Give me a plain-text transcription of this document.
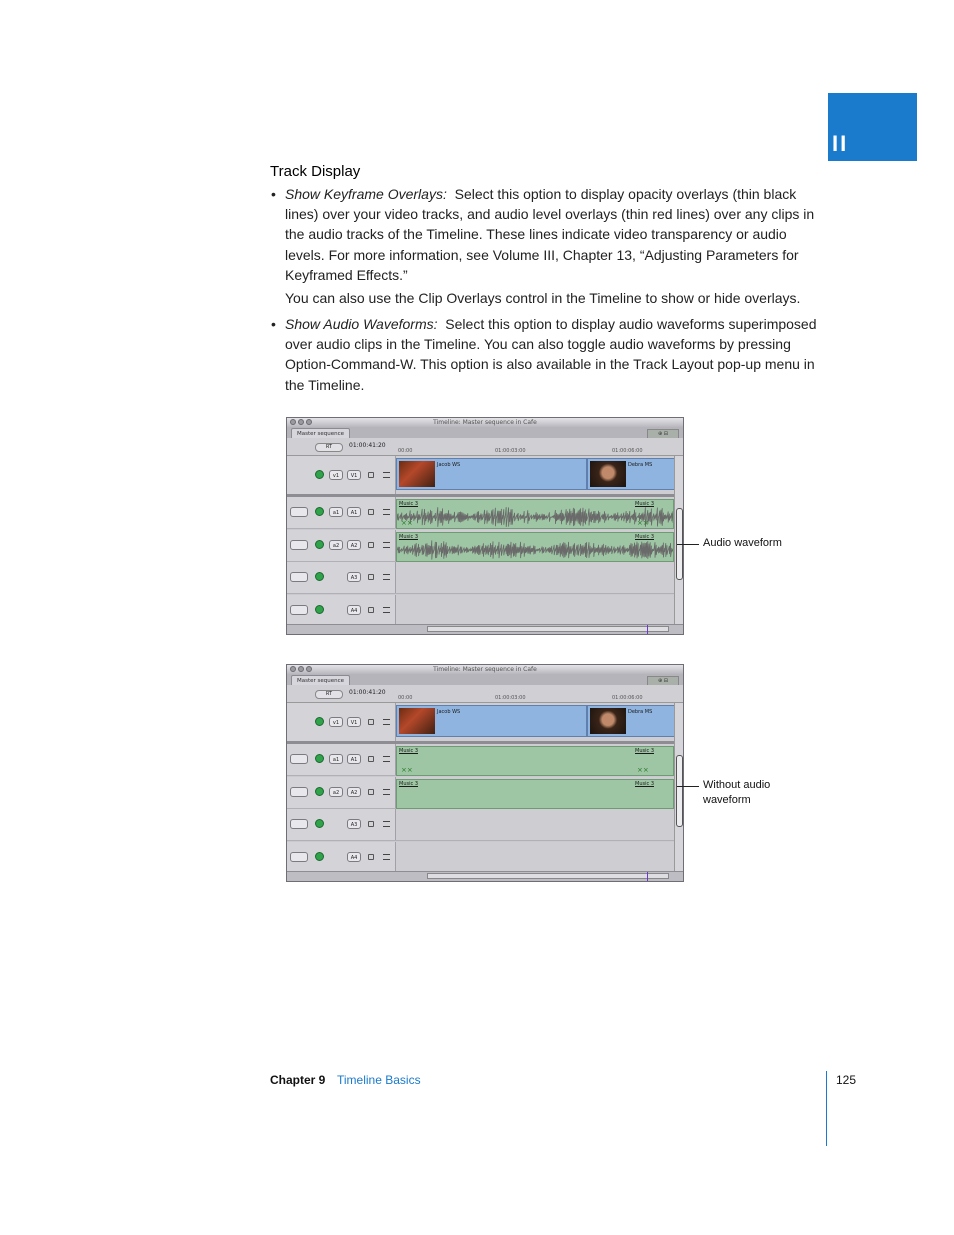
II
Track Display
• Show Keyframe Overlays: Select this option to display opacity overlays (thin black lines) over your video tracks, and audio level overlays (thin red lines) over any clips in the audio tracks of the Timeline. These lines indicate video transparency or audio levels. For more information, see Volume III, Chapter 13, “Adjusting Parameters for Keyframed Effects.”
You can also use the Clip Overlays control in the Timeline to show or hide overlays.
• Show Audio Waveforms: Select this option to display audio waveforms superimposed over audio clips in the Timeline. You can also toggle audio waveforms by pressing Option-Command-W. This option is also available in the Track Layout pop-up menu in the Timeline.
Timeline: Master sequence in Cafe
Master sequence	⊕ ⊟
RT	01:00:41:20
00:00	01:00:03:00	01:00:06:00
v1	V1
Jacob WS	Debra MS
a1	A1
Music 3	Music 3
⨯⨯	⨯⨯
a2	A2
Music 3	Music 3
A3
A4
Audio waveform
Timeline: Master sequence in Cafe
Master sequence	⊕ ⊟
RT	01:00:41:20
00:00	01:00:03:00	01:00:06:00
v1	V1
Jacob WS	Debra MS
a1	A1
Music 3	Music 3
⨯⨯	⨯⨯
a2	A2
Music 3	Music 3
A3
A4
Without audio waveform
Chapter 9 Timeline Basics	125
